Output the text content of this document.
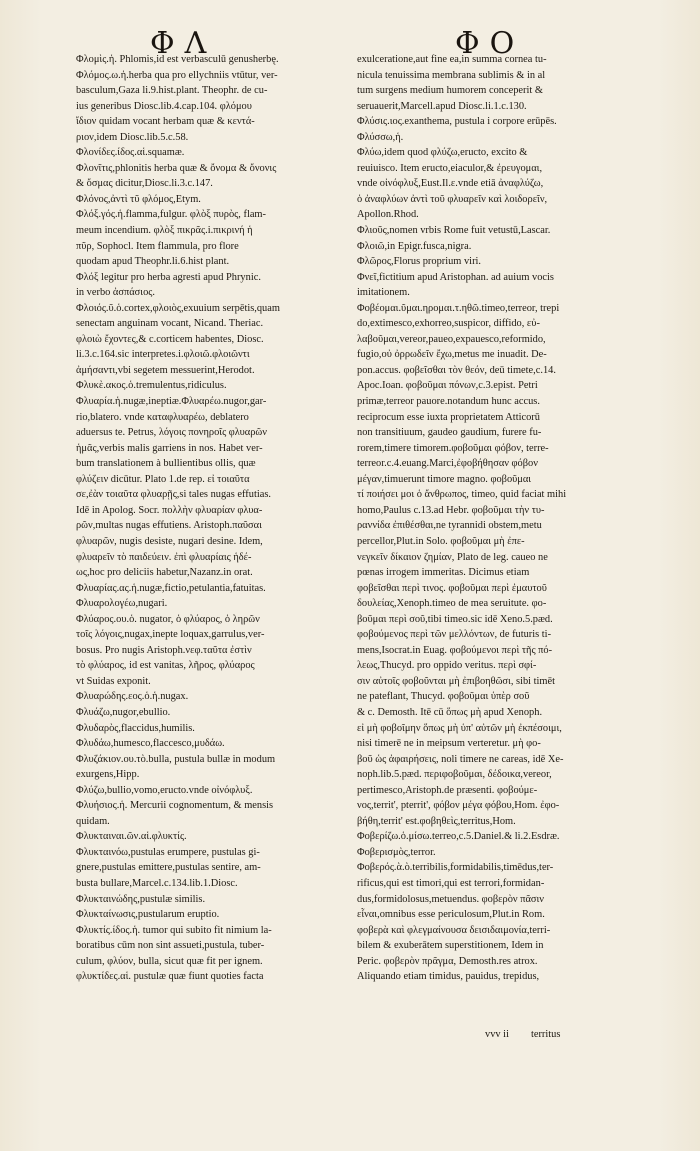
ΦΛ	ΦΟ
Φλομὶς.ἡ. Phlomis,id est verbasculū genusherbę.
Φλόμος.ω.ἡ.herba qua pro ellychniis vtūtur, ver-
basculum,Gaza li.9.hist.plant. Theophr. de cu-
ius generibus Diosc.lib.4.cap.104. φλόμου
ἴδιον quidam vocant herbam quæ & κεντά-
ριον,idem Diosc.lib.5.c.58.
Φλονίδες.ίδος.αἱ.squamæ.
Φλονῖτις,phlonitis herba quæ & ὄνομα & ὄνονις
& ὄσμας dicitur,Diosc.li.3.c.147.
Φλόνος,ἀντὶ τῦ φλόμος,Etym.
Φλόξ.γός.ἡ.flamma,fulgur. φλὸξ πυρὸς, flam-
meum incendium. φλὸξ πικρᾶς.i.πικρινή ἡ
πῦρ, Sophocl. Item flammula, pro flore
quodam apud Theophr.li.6.hist plant.
Φλόξ legitur pro herba agresti apud Phrynic.
in verbo ἀσπάσιος.
Φλοιός.ῦ.ὁ.cortex,φλοιὸς,exuuium serpētis,quam
senectam anguinam vocant, Nicand. Theriac.
φλοιὼ ἔχοντες,& c.corticem habentes, Diosc.
li.3.c.164.sic interpretes.i.φλοιῶ.φλοιῶντι
ἀμήσαντι,vbi segetem messuerint,Herodot.
Φλυκὲ.ακος.ὁ.tremulentus,ridiculus.
Φλυαρία.ἡ.nugæ,ineptiæ.Φλυαρέω.nugor,gar-
rio,blatero. vnde καταφλυαρέω, deblatero
aduersus te. Petrus, λόγοις πονηροῖς φλυαρῶν
ἡμᾶς,verbis malis garriens in nos. Habet ver-
bum translationem à bullientibus ollis, quæ
φλύζειν dicūtur. Plato 1.de rep. εἰ τοιαῦτα
σε,ἐὰν τοιαῦτα φλυαρῇς,si tales nugas effutias.
Idē in Apolog. Socr. πολλὴν φλυαρίαν φλυα-
ρῶν,multas nugas effutiens. Aristoph.παῦσαι
φλυαρῶν, nugis desiste, nugari desine. Idem,
φλυαρεῖν τὸ παιδεύειν. ἐπὶ φλυαρίαις ἡδέ-
ως,hoc pro deliciis habetur,Nazanz.in orat.
Φλυαρίας.ας.ἡ.nugæ,fictio,petulantia,fatuitas.
Φλυαρολογέω,nugari.
Φλύαρος.ου.ὁ. nugator, ὁ φλύαρος, ὁ ληρῶν
τοῖς λόγοις,nugax,inepte loquax,garrulus,ver-
bosus. Pro nugis Aristoph.νεφ.ταῦτα ἐστὶν
τὸ φλύαρος, id est vanitas, λῆρος, φλύαρος
vt Suidas exponit.
Φλυαρώδης.εος.ὁ.ἡ.nugax.
Φλυάζω,nugor,ebullio.
Φλυδαρὸς,flaccidus,humilis.
Φλυδάω,humesco,flaccesco,μυδάω.
Φλυζάκιον.ου.τὸ.bulla, pustula bullæ in modum
exurgens,Hipp.
Φλύζω,bullio,vomo,eructo.vnde οἰνόφλυξ.
Φλυήσιος.ἡ. Mercurii cognomentum, & mensis
quidam.
Φλυκταιναι.ῶν.αἱ.φλυκτίς.
Φλυκταινόω,pustulas erumpere, pustulas gi-
gnere,pustulas emittere,pustulas sentire, am-
busta bullare,Marcel.c.134.lib.1.Diosc.
Φλυκταινώδης,pustulæ similis.
Φλυκταίνωσις,pustularum eruptio.
Φλυκτίς.ίδος.ἡ. tumor qui subito fit nimium la-
boratibus cūm non sint assueti,pustula, tuber-
culum, φλύον, bulla, sicut quæ fit per ignem.
φλυκτίδες.αἱ. pustulæ quæ fiunt quoties facta
exulceratione,aut fine ea,in summa cornea tu-
nicula tenuissima membrana sublimis & in al
tum surgens medium humorem conceperit &
seruauerit,Marcell.apud Diosc.li.1.c.130.
Φλύσις.ιος.exanthema, pustula i corpore erūpēs.
Φλύσσω,ἡ.
Φλύω,idem quod φλύζω,eructo, excito &
reuiuisco. Item eructo,eiaculor,& ἐρευγομαι,
vnde οἰνόφλυξ,Eust.Il.ε.vnde etiā ἀναφλύζω,
ὁ ἀναφλύων ἀντὶ τοῦ φλυαρεῖν καὶ λοιδορεῖν,
Apollon.Rhod.
Φλιοῦς,nomen vrbis Rome fuit vetustū,Lascar.
Φλοιῶ,in Epigr.fusca,nigra.
Φλῶρος,Florus proprium viri.
Φνεῖ,fictitium apud Aristophan. ad auium vocis
imitationem.
Φοβέομαι.ῦμαι.ηρομαι.τ.ηθῶ.timeo,terreor, trepi
do,extimesco,exhorreo,suspicor, diffido, εὐ-
λαβοῦμαι,vereor,paueo,expauesco,reformido,
fugio,οὐ ὀρρωδεῖν ἔχω,metus me inuadit. De-
pon.accus. φοβεῖσθαι τὸν θεόν, deū timete,c.14.
Apoc.Ioan. φοβοῦμαι πόνων,c.3.epist. Petri
primæ,terreor pauore.notandum hunc accus.
reciprocum esse iuxta proprietatem Atticorū
non transitiuum, gaudeo gaudium, furere fu-
rorem,timere timorem.φοβοῦμαι φόβον, terre-
terreor.c.4.euang.Marci,ἐφοβήθησαν φόβον
μέγαν,timuerunt timore magno. φοβοῦμαι
τί ποιήσει μοι ὁ ἄνθρωπος, timeo, quid faciat mihi
homo,Paulus c.13.ad Hebr. φοβοῦμαι τὴν τυ-
ραννίδα ἐπιθέσθαι,ne tyrannidi obstem,metu
percellor,Plut.in Solo. φοβοῦμαι μὴ ἐπε-
νεγκεῖν δίκαιον ζημίαν, Plato de leg. caueo ne
pœnas irrogem immeritas. Dicimus etiam
φοβεῖσθαι περὶ τινος. φοβοῦμαι περὶ ἐμαυτοῦ
δουλείας,Xenoph.timeo de mea seruitute. φο-
βοῦμαι περὶ σοῦ,tibi timeo.sic idē Xeno.5.pæd.
φοβούμενος περὶ τῶν μελλόντων, de futuris ti-
mens,Isocrat.in Euag. φοβούμενοι περὶ τῆς πό-
λεως,Thucyd. pro oppido veritus. περὶ σφί-
σιν αὐτοῖς φοβοῦνται μὴ ἐπιβοηθῶσι, sibi timēt
ne pateflant, Thucyd. φοβοῦμαι ὑπὲρ σοῦ
& c. Demosth. Itē cū ὅπως μὴ apud Xenoph.
εἰ μὴ φοβοῖμην ὅπως μὴ ὑπ' αὐτῶν μὴ ἐκπέσοιμι,
nisi timerē ne in meipsum verteretur. μὴ φο-
βοῦ ὡς ἀφαιρήσεις, noli timere ne careas, idē Xe-
noph.lib.5.pæd. περιφοβοῦμαι, δέδοικα,vereor,
pertimesco,Aristoph.de præsenti. φοβούμε-
νος,territ', pterrit', φόβον μέγα φόβου,Hom. ἐφο-
βήθη,territ' est.φοβηθεὶς,territus,Hom.
Φοβερίζω.ὁ.μίσω.terreo,c.5.Daniel.& li.2.Esdræ.
Φοβερισμὸς,terror.
Φοβερός.ὰ.ὸ.terribilis,formidabilis,timēdus,ter-
rificus,qui est timori,qui est terrori,formidan-
dus,formidolosus,metuendus. φοβερὸν πᾶσιν
εἶναι,omnibus esse periculosum,Plut.in Rom.
φοβερὰ καὶ φλεγμαίνουσα δεισιδαιμονία,terri-
bilem & exuberātem superstitionem, Idem in
Peric. φοβερὸν πρᾶγμα, Demosth.res atrox.
Aliquando etiam timidus, pauidus, trepidus,
vvv ii territus
